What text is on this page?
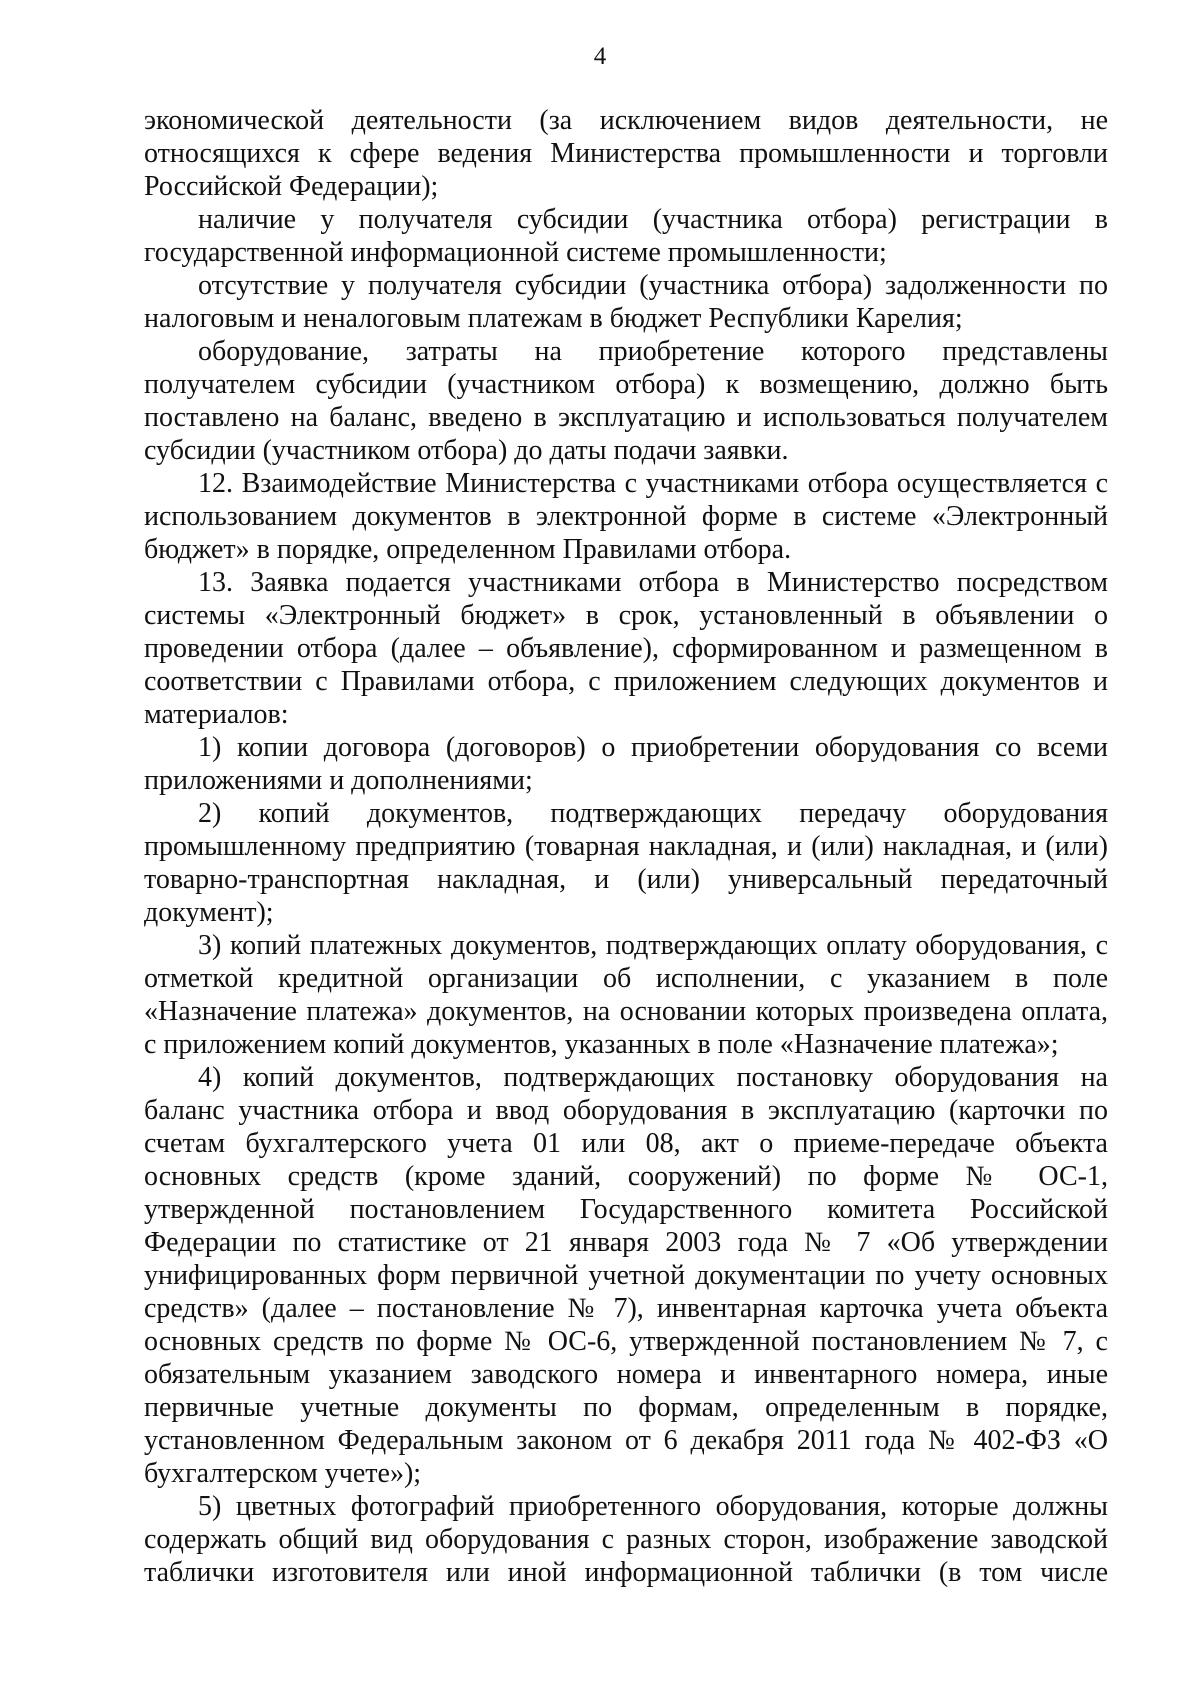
4

экономической деятельности (за исключением видов деятельности, не относящихся к сфере ведения Министерства промышленности и торговли Российской Федерации);

наличие у получателя субсидии (участника отбора) регистрации в государственной информационной системе промышленности;

отсутствие у получателя субсидии (участника отбора) задолженности по налоговым и неналоговым платежам в бюджет Республики Карелия;

оборудование, затраты на приобретение которого представлены получателем субсидии (участником отбора) к возмещению, должно быть поставлено на баланс, введено в эксплуатацию и использоваться получателем субсидии (участником отбора) до даты подачи заявки.

12. Взаимодействие Министерства с участниками отбора осуществляется с использованием документов в электронной форме в системе «Электронный бюджет» в порядке, определенном Правилами отбора.

13. Заявка подается участниками отбора в Министерство посредством системы «Электронный бюджет» в срок, установленный в объявлении о проведении отбора (далее – объявление), сформированном и размещенном в соответствии с Правилами отбора, с приложением следующих документов и материалов:

1) копии договора (договоров) о приобретении оборудования со всеми приложениями и дополнениями;

2) копий документов, подтверждающих передачу оборудования промышленному предприятию (товарная накладная, и (или) накладная, и (или) товарно-транспортная накладная, и (или) универсальный передаточный документ);

3) копий платежных документов, подтверждающих оплату оборудования, с отметкой кредитной организации об исполнении, с указанием в поле «Назначение платежа» документов, на основании которых произведена оплата, с приложением копий документов, указанных в поле «Назначение платежа»;

4) копий документов, подтверждающих постановку оборудования на баланс участника отбора и ввод оборудования в эксплуатацию (карточки по счетам бухгалтерского учета 01 или 08, акт о приеме-передаче объекта основных средств (кроме зданий, сооружений) по форме № ОС-1, утвержденной постановлением Государственного комитета Российской Федерации по статистике от 21 января 2003 года № 7 «Об утверждении унифицированных форм первичной учетной документации по учету основных средств» (далее – постановление № 7), инвентарная карточка учета объекта основных средств по форме № ОС-6, утвержденной постановлением № 7, с обязательным указанием заводского номера и инвентарного номера, иные первичные учетные документы по формам, определенным в порядке, установленном Федеральным законом от 6 декабря 2011 года № 402-ФЗ «О бухгалтерском учете»);

5) цветных фотографий приобретенного оборудования, которые должны содержать общий вид оборудования с разных сторон, изображение заводской таблички изготовителя или иной информационной таблички (в том числе
